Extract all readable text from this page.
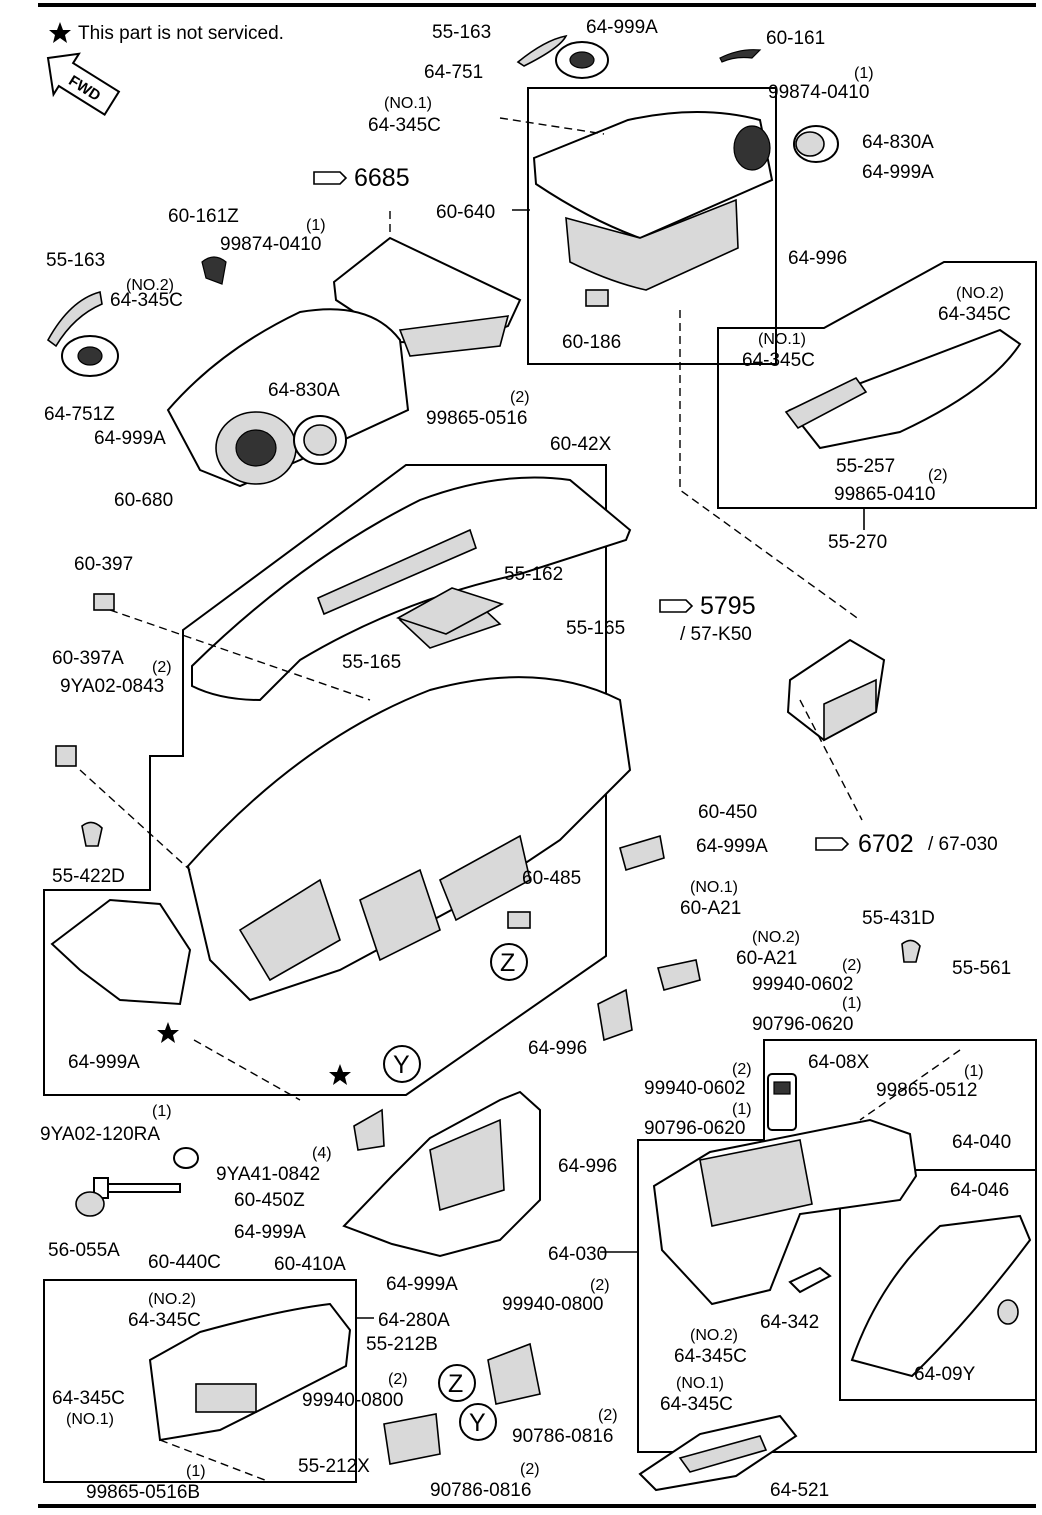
This part is not serviced.
FWD
Z
Y
Z
Y
6685
5795
/ 57-K50
6702 / 67-030
55-163	64-999A
60-161
64-751
(NO.1)
64-345C
(1)
99874-0410
64-830A
64-999A
60-640
60-161Z	(1)
99874-0410
64-996
55-163
(NO.2)
64-345C	(NO.2)
64-345C
60-186	(NO.1)
64-345C
64-830A
64-751Z
64-999A
(2)
99865-0516
55-257 (2)
99865-0410
60-42X
60-680
55-270
60-397	55-162
55-165
60-397A (2)
9YA02-0843
55-165
60-450
64-999A
55-422D	60-485	(NO.1)
60-A21
(NO.2)
60-A21
55-431D
55-561
(2)
99940-0602
(1)
90796-0620
64-999A
64-996
64-08X	(1)
99865-0512
(2)
99940-0602
(1)
90796-0620
(1)
9YA02-120RA
(4)
9YA41-0842	64-996
64-040
60-450Z	64-046
64-999A
56-055A
60-440C	60-410A	64-030
64-999A	(2)
99940-0800
(NO.2)
64-345C	64-280A
55-212B
64-342
(NO.2)
64-345C
64-09Y
64-345C
(NO.1)
(2)
99940-0800
(NO.1)
64-345C
(2)
90786-0816
(1)
99865-0516B
55-212X	(2)
90786-0816	64-521
